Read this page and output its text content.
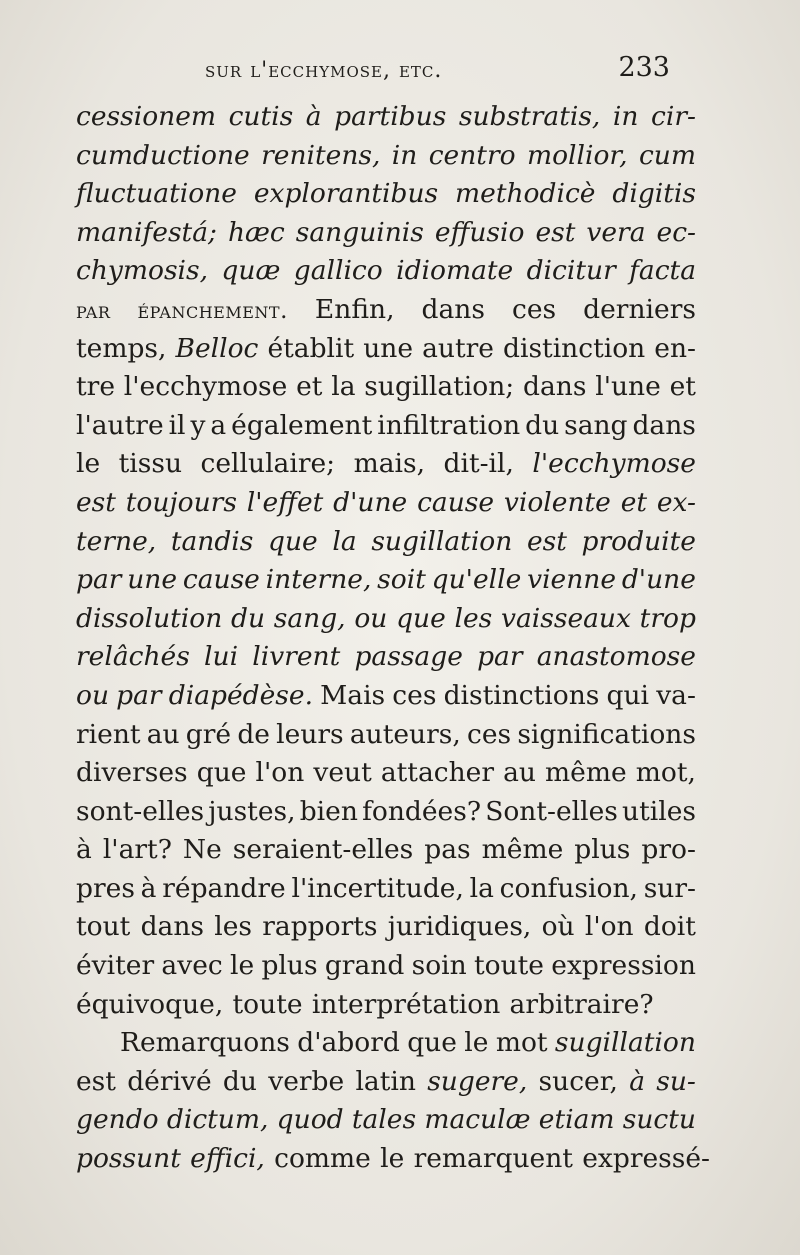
sur l'ecchymose, etc.	233
cessionem cutis à partibus substratis, in cir-
cumductione renitens, in centro mollior, cum
fluctuatione explorantibus methodicè digitis
manifestá; hæc sanguinis effusio est vera ec-
chymosis, quæ gallico idiomate dicitur facta
par épanchement. Enfin, dans ces derniers
temps, Belloc établit une autre distinction en-
tre l'ecchymose et la sugillation; dans l'une et
l'autre il y a également infiltration du sang dans
le tissu cellulaire; mais, dit-il, l'ecchymose
est toujours l'effet d'une cause violente et ex-
terne, tandis que la sugillation est produite
par une cause interne, soit qu'elle vienne d'une
dissolution du sang, ou que les vaisseaux trop
relâchés lui livrent passage par anastomose
ou par diapédèse. Mais ces distinctions qui va-
rient au gré de leurs auteurs, ces significations
diverses que l'on veut attacher au même mot,
sont-elles justes, bien fondées? Sont-elles utiles
à l'art? Ne seraient-elles pas même plus pro-
pres à répandre l'incertitude, la confusion, sur-
tout dans les rapports juridiques, où l'on doit
éviter avec le plus grand soin toute expression
équivoque, toute interprétation arbitraire?
Remarquons d'abord que le mot sugillation
est dérivé du verbe latin sugere, sucer, à su-
gendo dictum, quod tales maculæ etiam suctu
possunt effici, comme le remarquent expressé-
